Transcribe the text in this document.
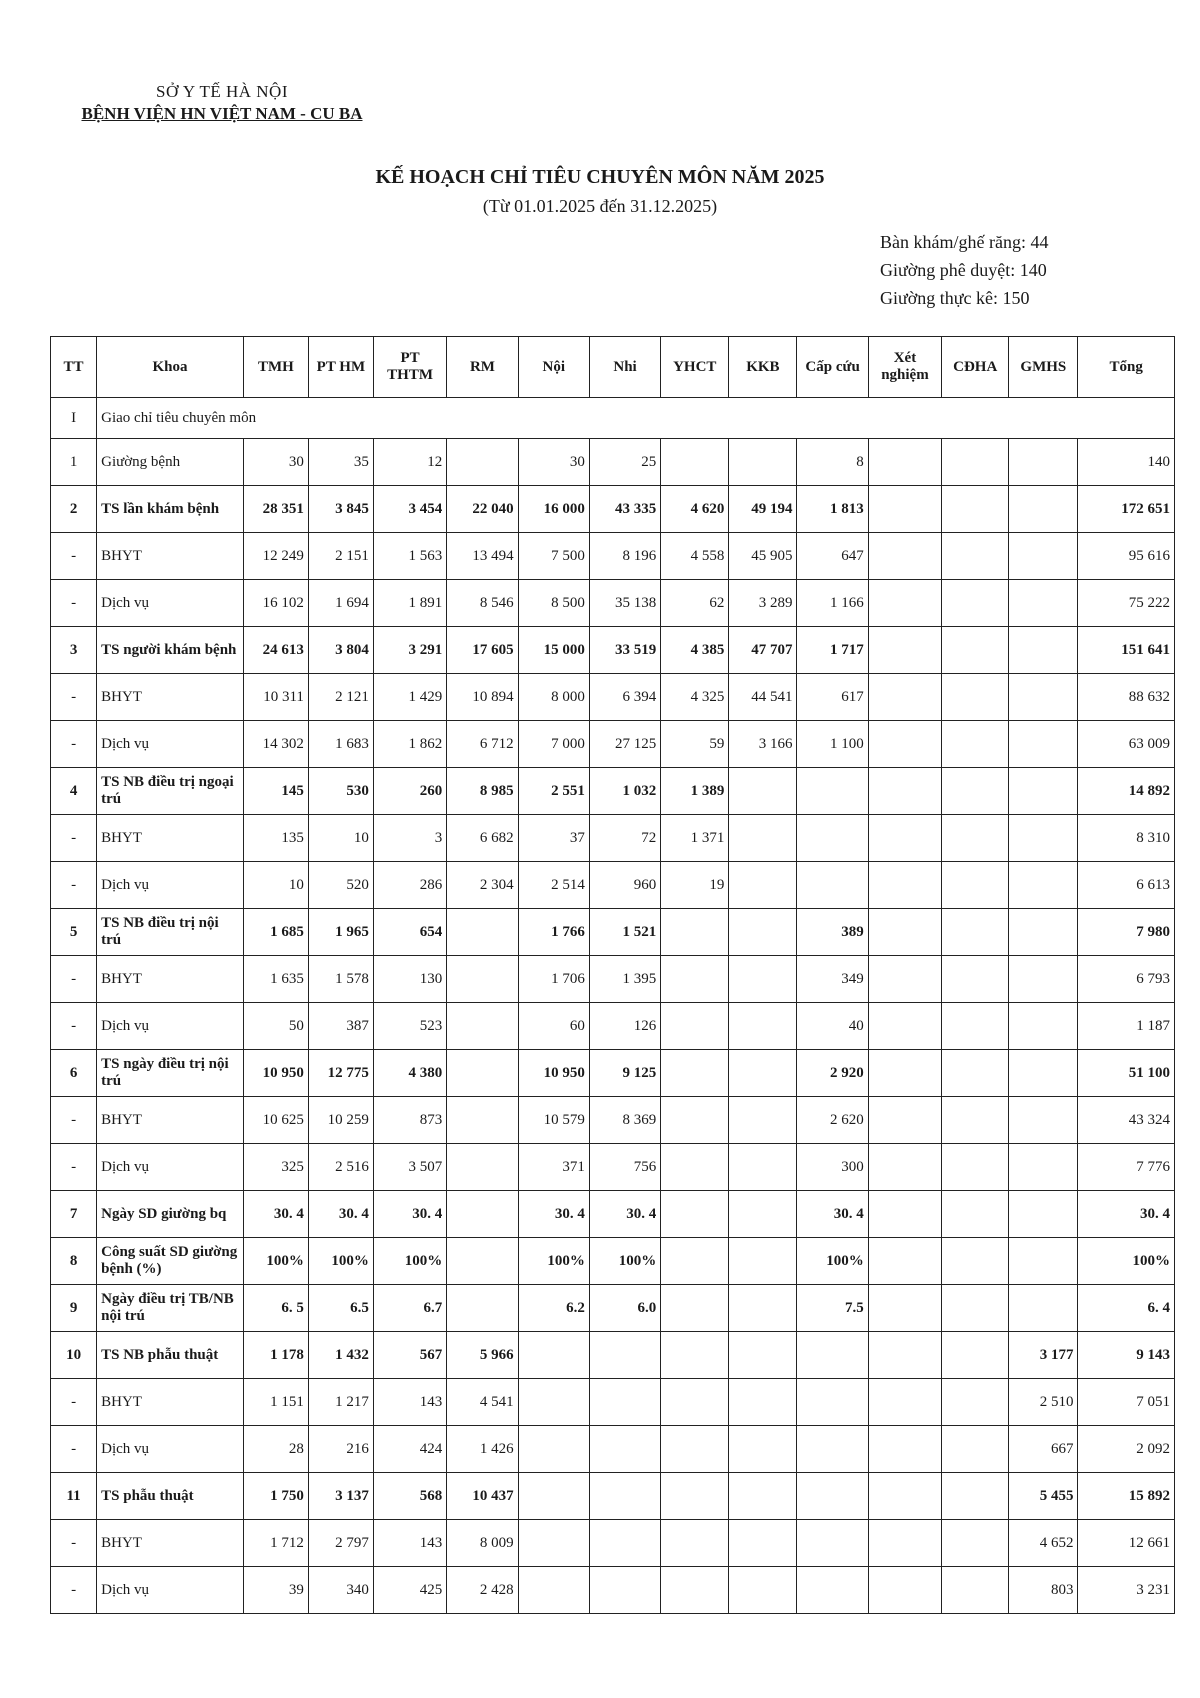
SỞ Y TẾ HÀ NỘI
BỆNH VIỆN HN VIỆT NAM - CU BA
KẾ HOẠCH CHỈ TIÊU CHUYÊN MÔN NĂM 2025
(Từ 01.01.2025 đến 31.12.2025)
Bàn khám/ghế răng: 44
Giường phê duyệt: 140
Giường thực kê: 150
TT	Khoa	TMH	PT HM	PT THTM	RM	Nội	Nhi	YHCT	KKB	Cấp cứu	Xét nghiệm	CĐHA	GMHS	Tổng
I	Giao chỉ tiêu chuyên môn													
1	Giường bệnh	30	35	12		30	25			8				140
2	TS lần khám bệnh	28 351	3 845	3 454	22 040	16 000	43 335	4 620	49 194	1 813				172 651
-	BHYT	12 249	2 151	1 563	13 494	7 500	8 196	4 558	45 905	647				95 616
-	Dịch vụ	16 102	1 694	1 891	8 546	8 500	35 138	62	3 289	1 166				75 222
3	TS người khám bệnh	24 613	3 804	3 291	17 605	15 000	33 519	4 385	47 707	1 717				151 641
-	BHYT	10 311	2 121	1 429	10 894	8 000	6 394	4 325	44 541	617				88 632
-	Dịch vụ	14 302	1 683	1 862	6 712	7 000	27 125	59	3 166	1 100				63 009
4	TS NB điều trị ngoại trú	145	530	260	8 985	2 551	1 032	1 389						14 892
-	BHYT	135	10	3	6 682	37	72	1 371						8 310
-	Dịch vụ	10	520	286	2 304	2 514	960	19						6 613
5	TS NB điều trị nội trú	1 685	1 965	654		1 766	1 521			389				7 980
-	BHYT	1 635	1 578	130		1 706	1 395			349				6 793
-	Dịch vụ	50	387	523		60	126			40				1 187
6	TS ngày điều trị nội trú	10 950	12 775	4 380		10 950	9 125			2 920				51 100
-	BHYT	10 625	10 259	873		10 579	8 369			2 620				43 324
-	Dịch vụ	325	2 516	3 507		371	756			300				7 776
7	Ngày SD giường bq	30. 4	30. 4	30. 4		30. 4	30. 4			30. 4				30. 4
8	Công suất SD giường bệnh (%)	100%	100%	100%		100%	100%			100%				100%
9	Ngày điều trị TB/NB nội trú	6. 5	6.5	6.7		6.2	6.0			7.5				6. 4
10	TS NB phẫu thuật	1 178	1 432	567	5 966								3 177	9 143
-	BHYT	1 151	1 217	143	4 541								2 510	7 051
-	Dịch vụ	28	216	424	1 426								667	2 092
11	TS phẫu thuật	1 750	3 137	568	10 437								5 455	15 892
-	BHYT	1 712	2 797	143	8 009								4 652	12 661
-	Dịch vụ	39	340	425	2 428								803	3 231
